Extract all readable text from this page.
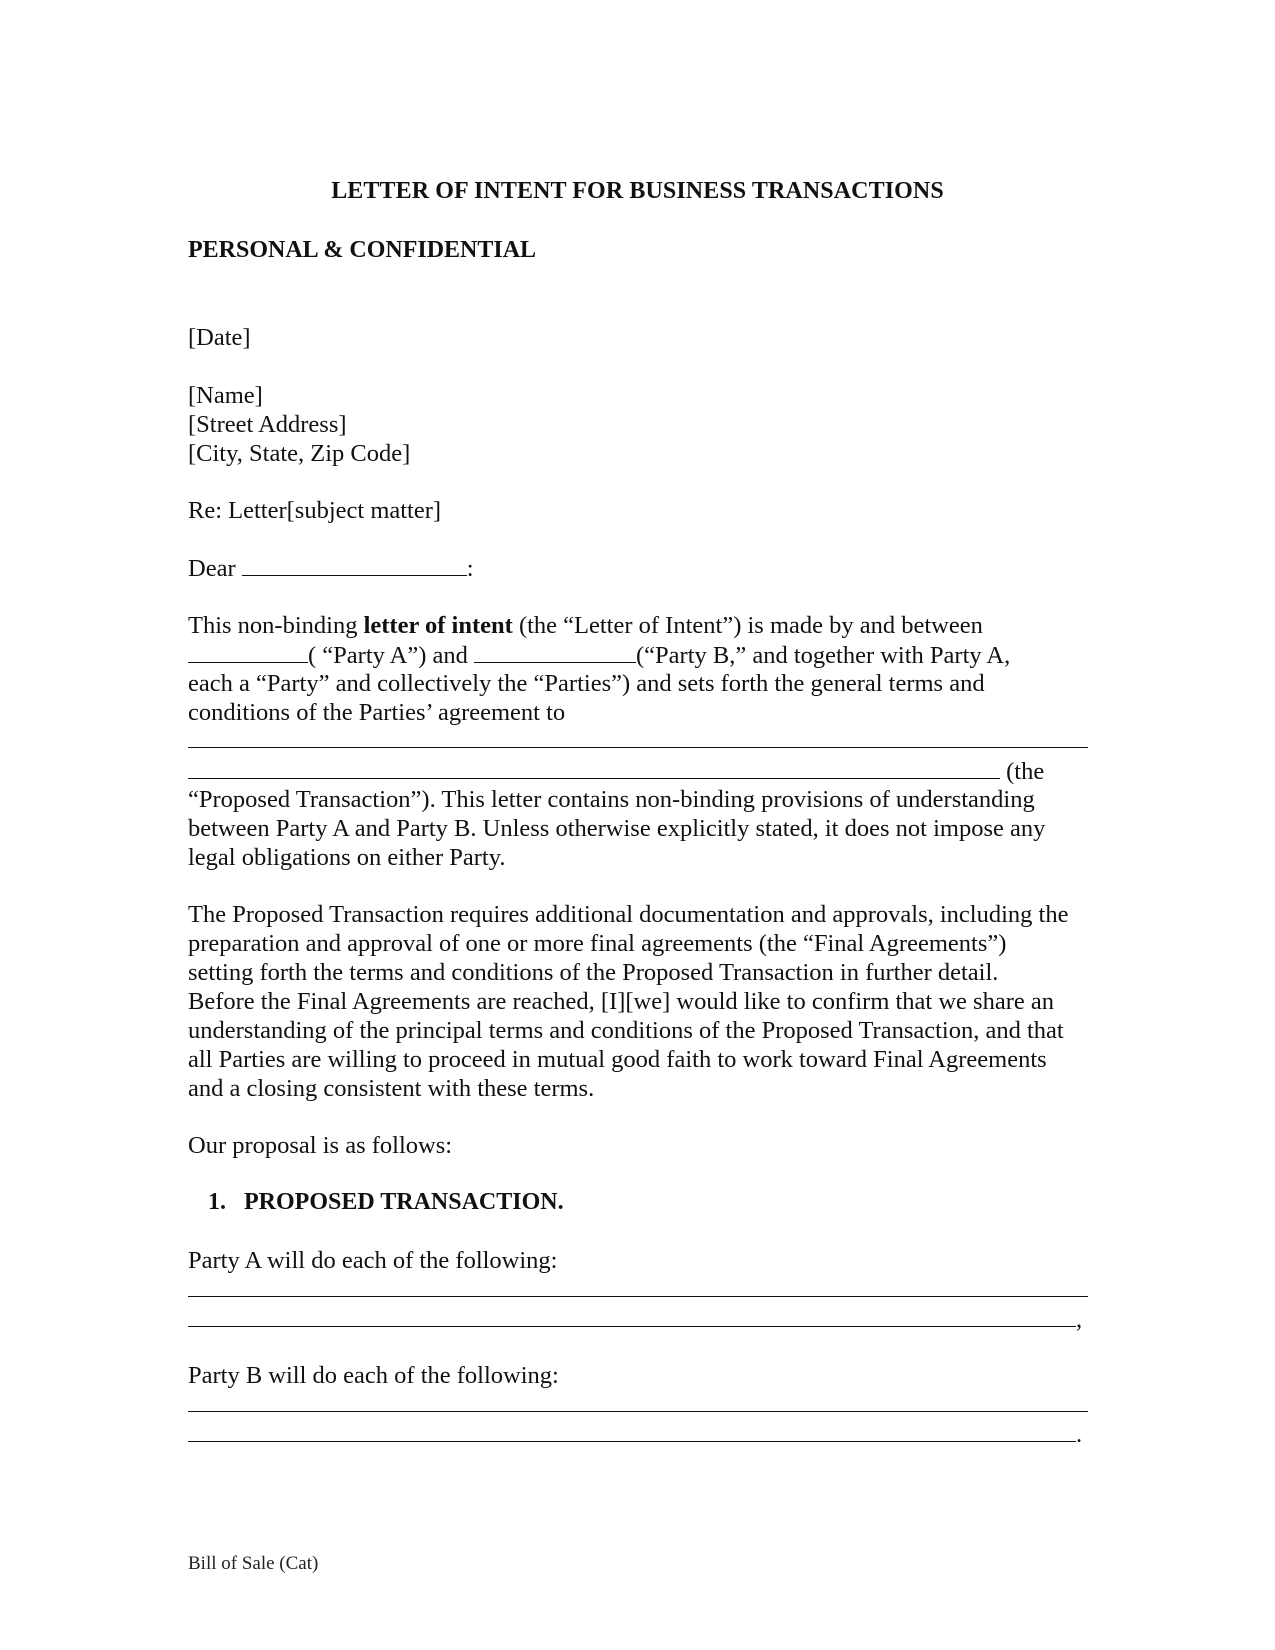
LETTER OF INTENT FOR BUSINESS TRANSACTIONS
PERSONAL & CONFIDENTIAL
[Date]
[Name]
[Street Address]
[City, State, Zip Code]
Re: Letter[subject matter]
Dear	:
This non-binding letter of intent (the “Letter of Intent”) is made by and between
( “Party A”) and	(“Party B,” and together with Party A,
each a “Party” and collectively the “Parties”) and sets forth the general terms and
conditions of the Parties’ agreement to
(the
“Proposed Transaction”). This letter contains non-binding provisions of understanding
between Party A and Party B. Unless otherwise explicitly stated, it does not impose any
legal obligations on either Party.
The Proposed Transaction requires additional documentation and approvals, including the
preparation and approval of one or more final agreements (the “Final Agreements”)
setting forth the terms and conditions of the Proposed Transaction in further detail.
Before the Final Agreements are reached, [I][we] would like to confirm that we share an
understanding of the principal terms and conditions of the Proposed Transaction, and that
all Parties are willing to proceed in mutual good faith to work toward Final Agreements
and a closing consistent with these terms.
Our proposal is as follows:
1. PROPOSED TRANSACTION.
Party A will do each of the following:
,
Party B will do each of the following:
.
Bill of Sale (Cat)
